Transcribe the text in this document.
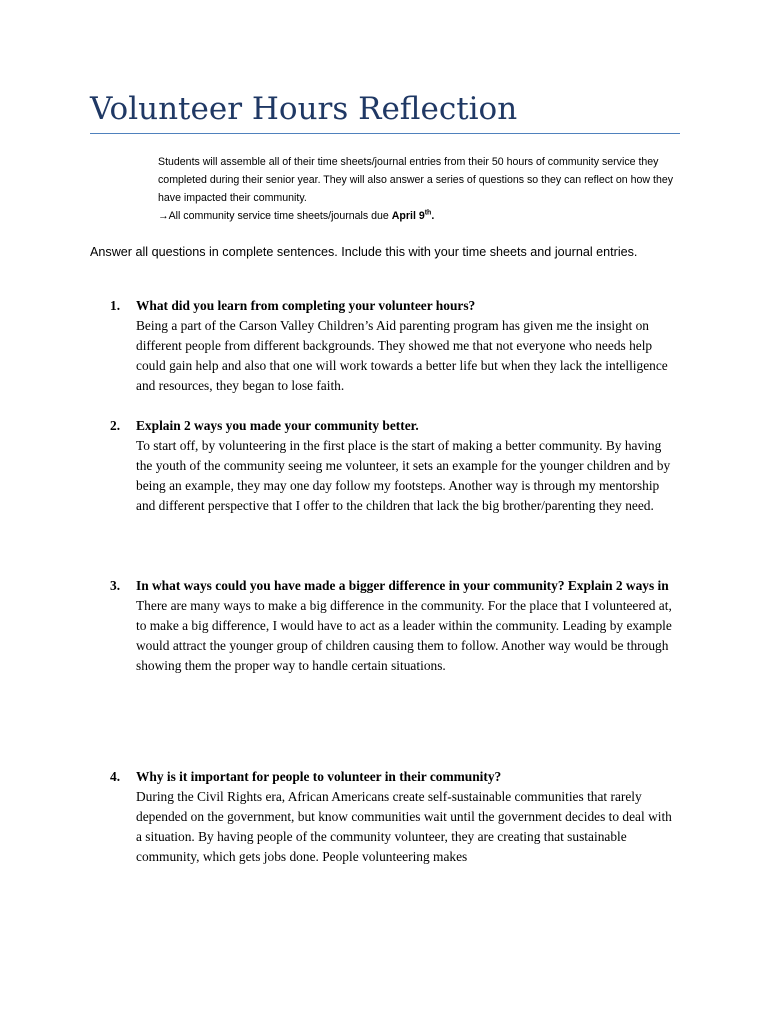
Volunteer Hours Reflection

Students will assemble all of their time sheets/journal entries from their 50 hours of community service they completed during their senior year. They will also answer a series of questions so they can reflect on how they have impacted their community.

→All community service time sheets/journals due April 9th.

Answer all questions in complete sentences. Include this with your time sheets and journal entries.

1.	What did you learn from completing your volunteer hours?

Being a part of the Carson Valley Children’s Aid parenting program has given me the insight on different people from different backgrounds. They showed me that not everyone who needs help could gain help and also that one will work towards a better life but when they lack the intelligence and resources, they began to lose faith.

2.	Explain 2 ways you made your community better.

To start off, by volunteering in the first place is the start of making a better community. By having the youth of the community seeing me volunteer, it sets an example for the younger children and by being an example, they may one day follow my footsteps. Another way is through my mentorship and different perspective that I offer to the children that lack the big brother/parenting they need.

3.	In what ways could you have made a bigger difference in your community? Explain 2 ways in

There are many ways to make a big difference in the community. For the place that I volunteered at, to make a big difference, I would have to act as a leader within the community. Leading by example would attract the younger group of children causing them to follow. Another way would be through showing them the proper way to handle certain situations.

4.	Why is it important for people to volunteer in their community?

During the Civil Rights era, African Americans create self-sustainable communities that rarely depended on the government, but know communities wait until the government decides to deal with a situation. By having people of the community volunteer, they are creating that sustainable community, which gets jobs done. People volunteering makes
